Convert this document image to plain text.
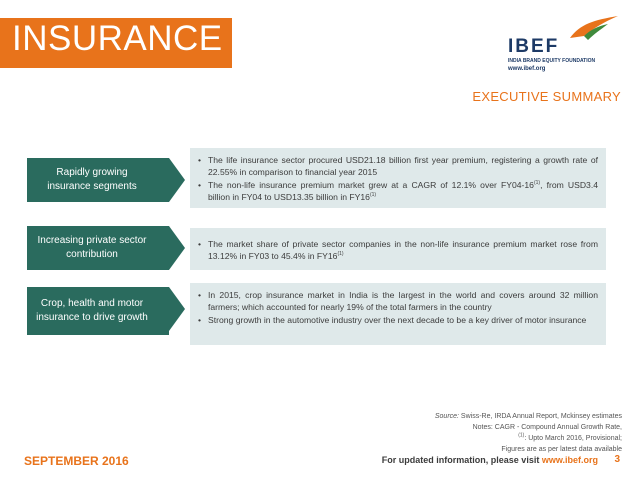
INSURANCE	IBEF
INDIA BRAND EQUITY FOUNDATION
www.ibef.org
EXECUTIVE SUMMARY
Rapidly growing insurance segments
• The life insurance sector procured USD21.18 billion first year premium, registering a growth rate of 22.55% in comparison to financial year 2015
• The non-life insurance premium market grew at a CAGR of 12.1% over FY04-16$^{(1)}$, from USD3.4 billion in FY04 to USD13.35 billion in FY16$^{(1)}$
Increasing private sector contribution
• The market share of private sector companies in the non-life insurance premium market rose from 13.12% in FY03 to 45.4% in FY16$^{(1)}$
Crop, health and motor insurance to drive growth
• In 2015, crop insurance market in India is the largest in the world and covers around 32 million farmers; which accounted for nearly 19% of the total farmers in the country
• Strong growth in the automotive industry over the next decade to be a key driver of motor insurance
Source: Swiss-Re, IRDA Annual Report, Mckinsey estimates
Notes: CAGR - Compound Annual Growth Rate,
$^{(1)}$: Upto March 2016, Provisional;
Figures are as per latest data available
SEPTEMBER 2016	For updated information, please visit www.ibef.org 3
